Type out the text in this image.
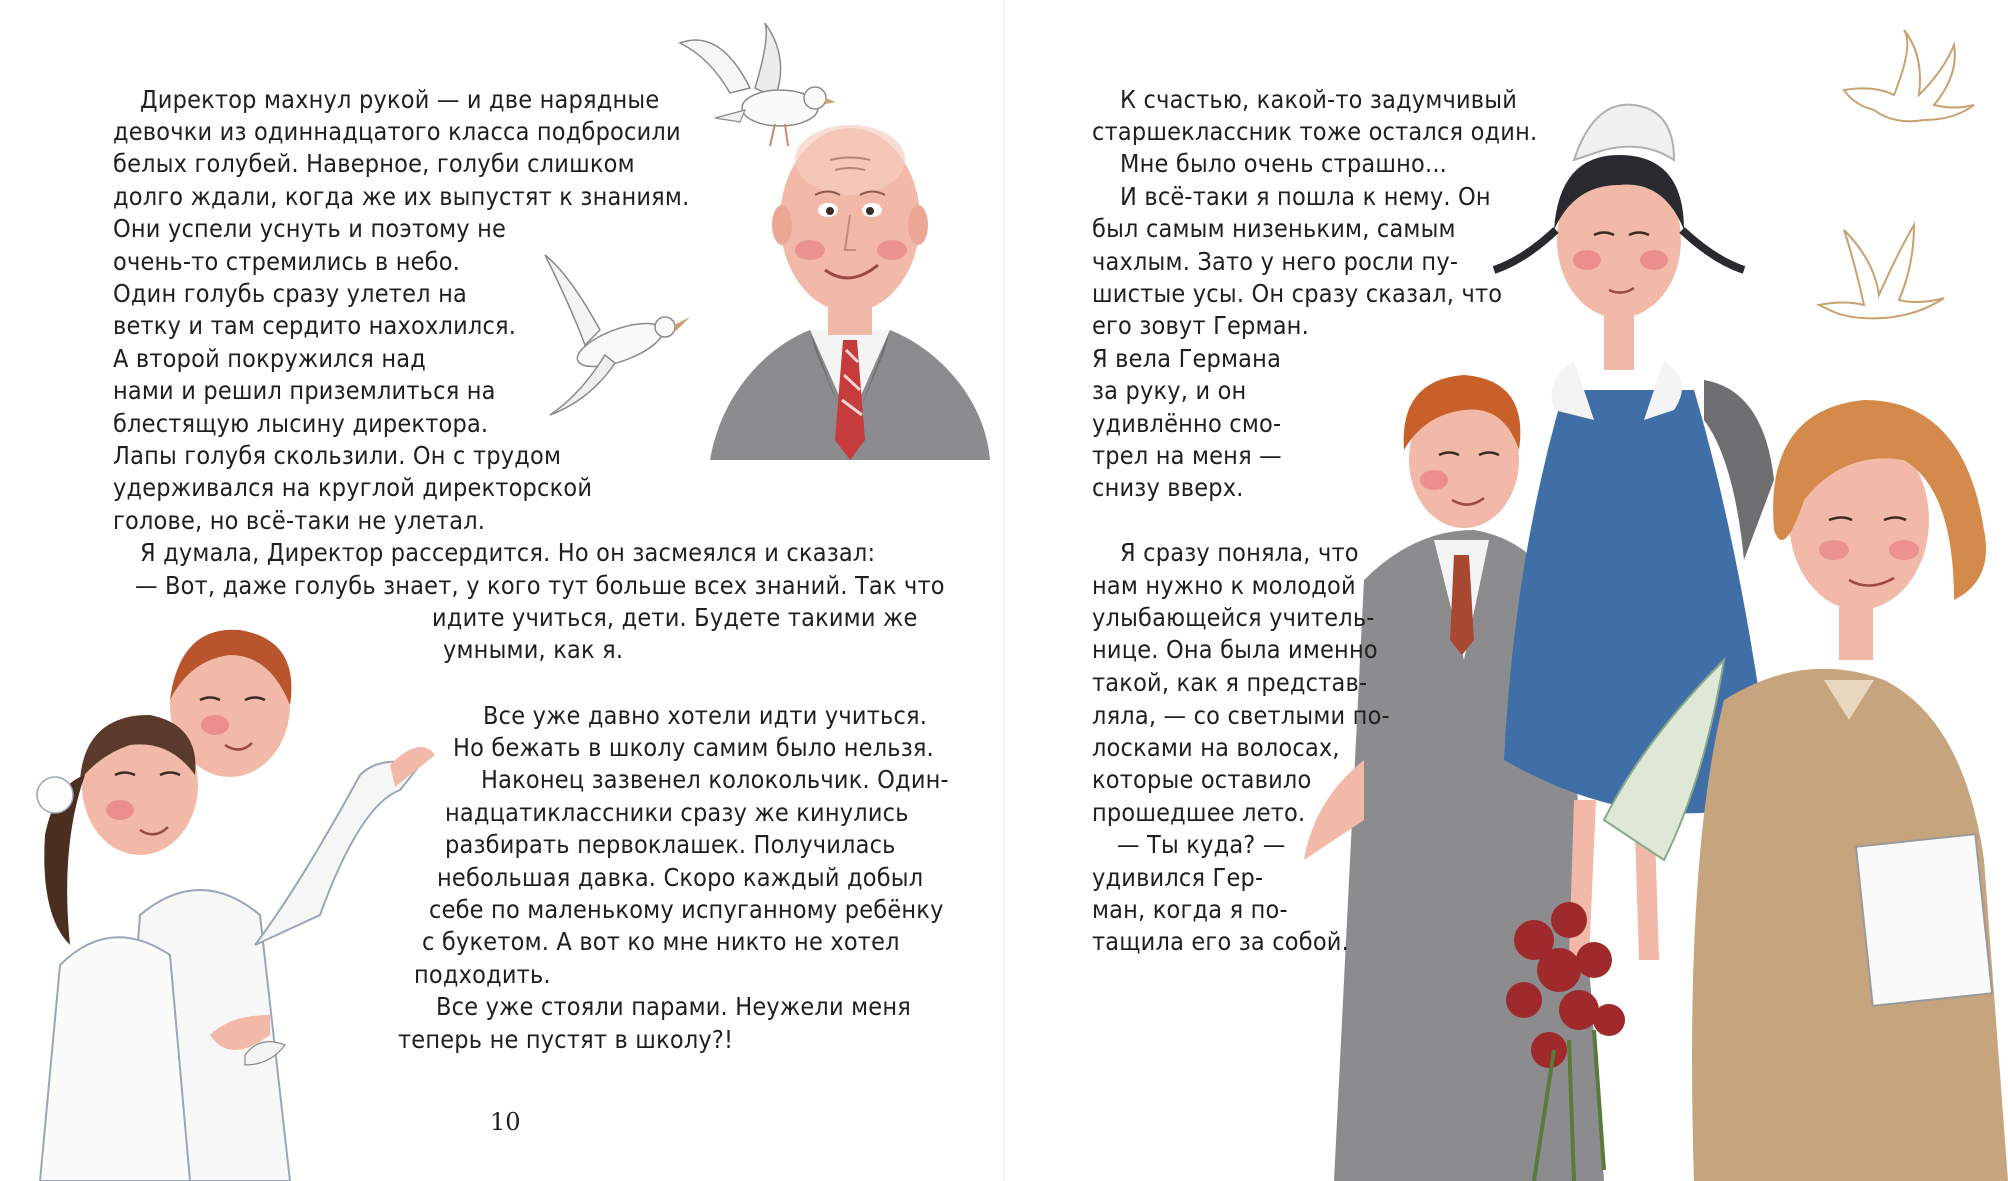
10
Директор махнул рукой — и две нарядные
девочки из одиннадцатого класса подбросили
белых голубей. Наверное, голуби слишком
долго ждали, когда же их выпустят к знаниям.
Они успели уснуть и поэтому не
очень-то стремились в небо.
Один голубь сразу улетел на
ветку и там сердито нахохлился.
А второй покружился над
нами и решил приземлиться на
блестящую лысину директора.
Лапы голубя скользили. Он с трудом
удерживался на круглой директорской
голове, но всё-таки не улетал.
Я думала, Директор рассердится. Но он засмеялся и сказал:
— Вот, даже голубь знает, у кого тут больше всех знаний. Так что
идите учиться, дети. Будете такими же
умными, как я.
Все уже давно хотели идти учиться.
Но бежать в школу самим было нельзя.
Наконец зазвенел колокольчик. Один-
надцатиклассники сразу же кинулись
разбирать первоклашек. Получилась
небольшая давка. Скоро каждый добыл
себе по маленькому испуганному ребёнку
с букетом. А вот ко мне никто не хотел
подходить.
Все уже стояли парами. Неужели меня
теперь не пустят в школу?!
К счастью, какой-то задумчивый
старшеклассник тоже остался один.
Мне было очень страшно...
И всё-таки я пошла к нему. Он
был самым низеньким, самым
чахлым. Зато у него росли пу-
шистые усы. Он сразу сказал, что
его зовут Герман.
Я вела Германа
за руку, и он
удивлённо смо-
трел на меня —
снизу вверх.
Я сразу поняла, что
нам нужно к молодой
улыбающейся учитель-
нице. Она была именно
такой, как я представ-
ляла, — со светлыми по-
лосками на волосах,
которые оставило
прошедшее лето.
— Ты куда? —
удивился Гер-
ман, когда я по-
тащила его за собой.
